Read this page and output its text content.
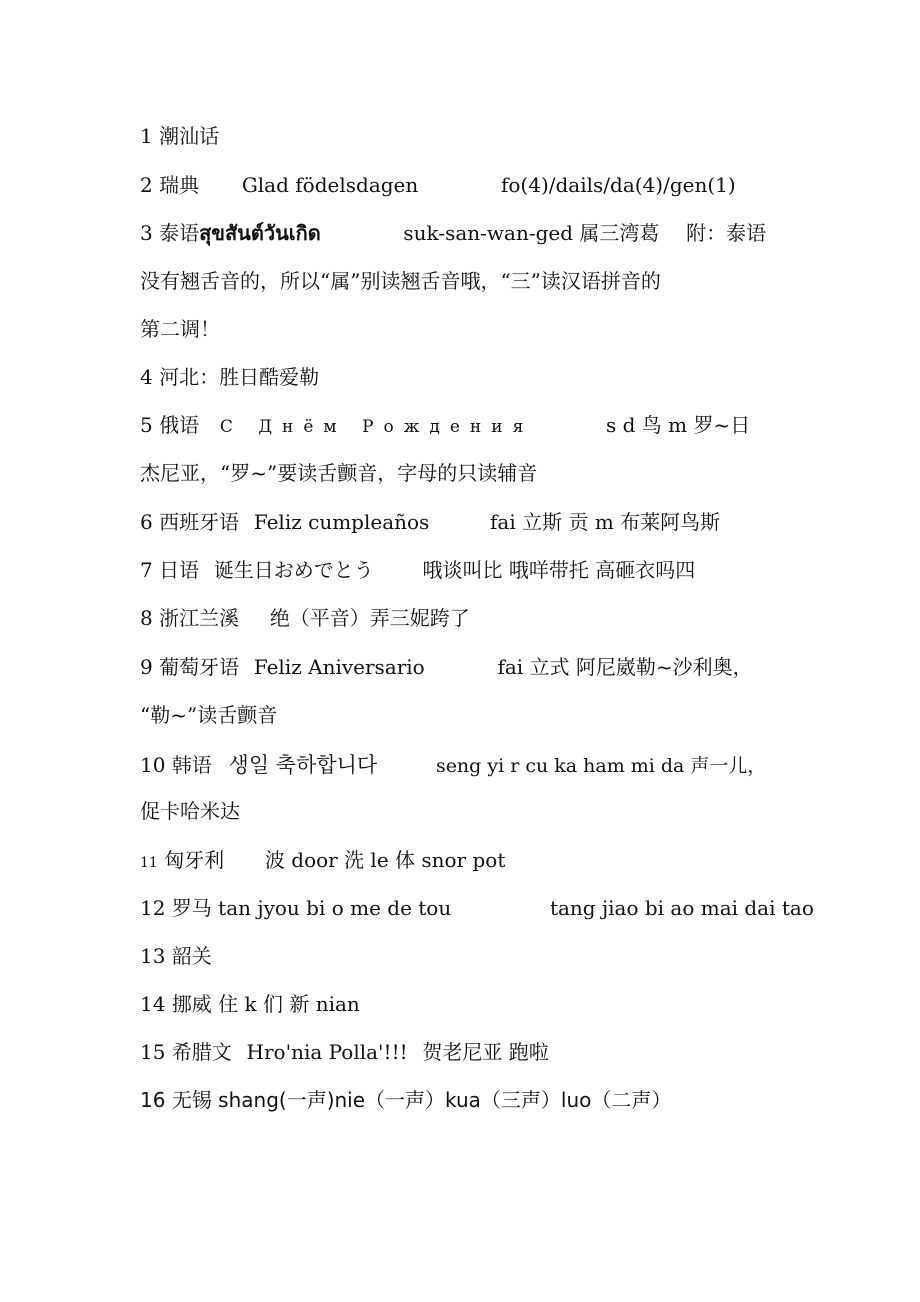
1 潮汕话
2 瑞典 Glad födelsdagen	fo(4)/dails/da(4)/gen(1)
3 泰语สุขสันต์วันเกิด	suk-san-wan-ged 属三湾葛 附：泰语
没有翘舌音的，所以“属”别读翘舌音哦，“三”读汉语拼音的
第二调！
4 河北：胜日酷爱勒
5 俄语 С Днём Рождения	s d 鸟 m 罗~日
杰尼亚，“罗~”要读舌颤音，字母的只读辅音
6 西班牙语 Feliz cumpleaños	fai 立斯 贡 m 布莱阿鸟斯
7 日语 诞生日おめでとう 哦谈叫比 哦咩带托 高砸衣吗四
8 浙江兰溪 绝（平音）弄三妮跨了
9 葡萄牙语 Feliz Aniversario	fai 立式 阿尼崴勒~沙利奥，
“勒~”读舌颤音
10 韩语 생일 축하합니다	seng yi r cu ka ham mi da 声一儿，
促卡哈米达
11 匈牙利 波 door 洗 le 体 snor pot
12 罗马 tan jyou bi o me de tou	tang jiao bi ao mai dai tao
13 韶关
14 挪威 住 k 们 新 nian
15 希腊文 Hro'nia Polla'!!! 贺老尼亚 跑啦
16 无锡 shang(一声)nie（一声）kua（三声）luo（二声）
